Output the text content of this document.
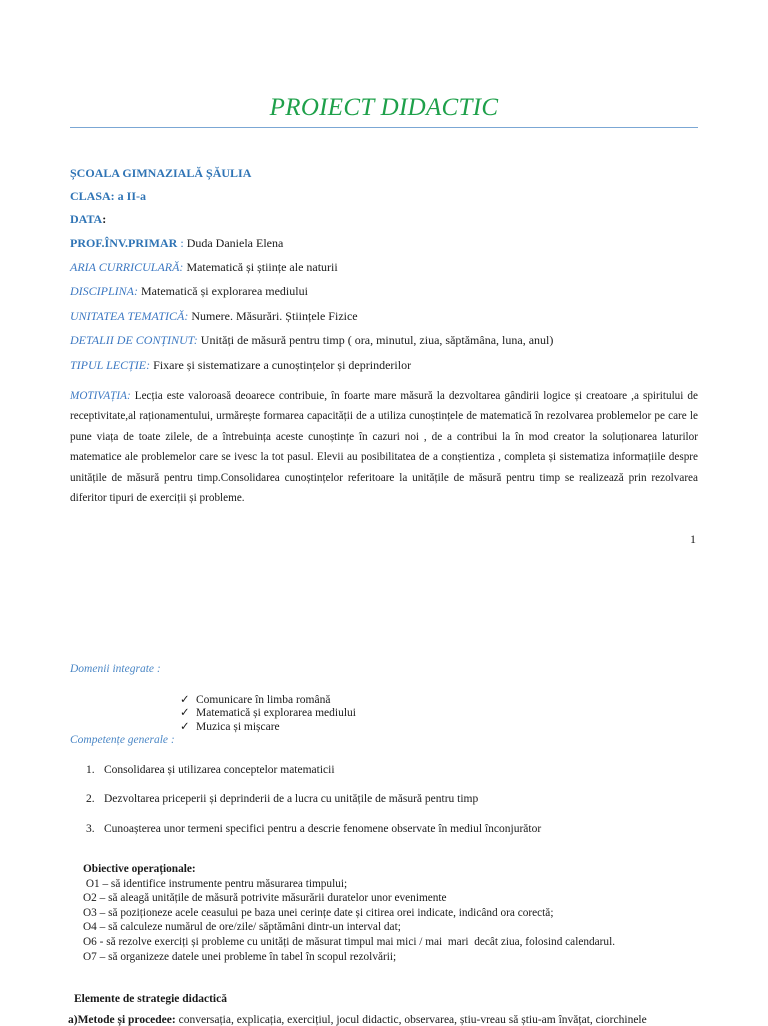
PROIECT DIDACTIC
ȘCOALA GIMNAZIALĂ ȘĂULIA
CLASA: a II-a
DATA:
PROF.ÎNV.PRIMAR : Duda Daniela Elena
ARIA CURRICULARĂ: Matematică și științe ale naturii
DISCIPLINA: Matematică și explorarea mediului
UNITATEA TEMATICĂ: Numere. Măsurări. Științele Fizice
DETALII DE CONȚINUT: Unități de măsură pentru timp ( ora, minutul, ziua, săptămâna, luna, anul)
TIPUL LECȚIE: Fixare și sistematizare a cunoștințelor și deprinderilor
MOTIVAȚIA: Lecția este valoroasă deoarece contribuie, în foarte mare măsură la dezvoltarea gândirii logice și creatoare ,a spiritului de receptivitate,al raționamentului, urmărește formarea capacității de a utiliza cunoștințele de matematică în rezolvarea problemelor pe care le pune viața de toate zilele, de a întrebuința aceste cunoștințe în cazuri noi , de a contribui la în mod creator la soluționarea laturilor matematice ale problemelor care se ivesc la tot pasul. Elevii au posibilitatea de a conștientiza , completa și sistematiza informațiile despre unitățile de măsură pentru timp.Consolidarea cunoștințelor referitoare la unitățile de măsură pentru timp se realizează prin rezolvarea diferitor tipuri de exerciții și probleme.
1
Domenii integrate :
✓ Comunicare în limba română
✓ Matematică și explorarea mediului
✓ Muzica și mișcare
Competențe generale :
1. Consolidarea și utilizarea conceptelor matematicii
2. Dezvoltarea priceperii și deprinderii de a lucra cu unitățile de măsură pentru timp
3. Cunoașterea unor termeni specifici pentru a descrie fenomene observate în mediul înconjurător
Obiective operaționale:
O1 – să identifice instrumente pentru măsurarea timpului;
O2 – să aleagă unitățile de măsură potrivite măsurării duratelor unor evenimente
O3 – să poziționeze acele ceasului pe baza unei cerințe date și citirea orei indicate, indicând ora corectă;
O4 – să calculeze numărul de ore/zile/ săptămâni dintr-un interval dat;
O6 - să rezolve exerciți și probleme cu unități de măsurat timpul mai mici / mai  mari  decât ziua, folosind calendarul.
O7 – să organizeze datele unei probleme în tabel în scopul rezolvării;
Elemente de strategie didactică
a)Metode și procedee: conversația, explicația, exercițiul, jocul didactic, observarea, știu-vreau să știu-am învățat, ciorchinele
